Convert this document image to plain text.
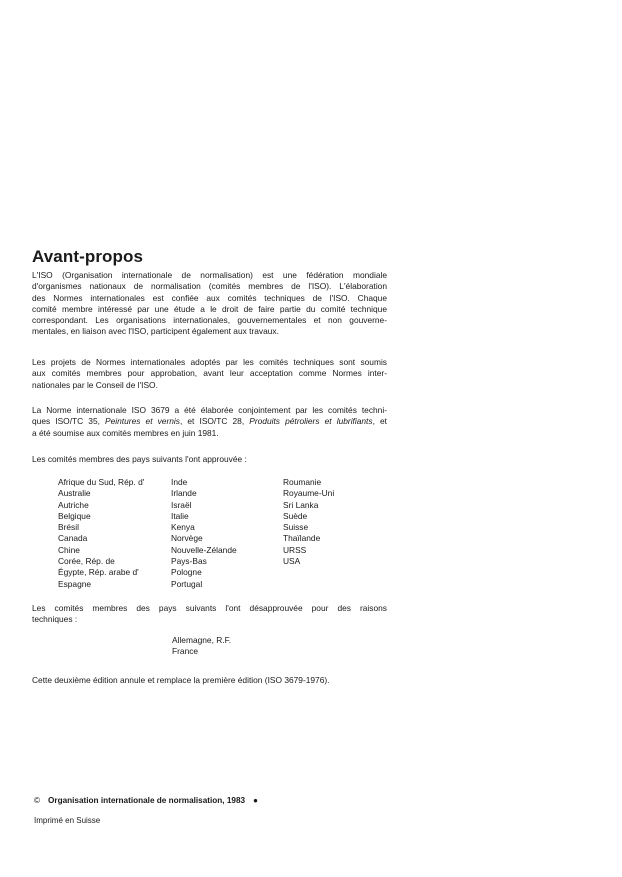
Avant-propos

L'ISO (Organisation internationale de normalisation) est une fédération mondiale
d'organismes nationaux de normalisation (comités membres de l'ISO). L'élaboration
des Normes internationales est confiée aux comités techniques de l'ISO. Chaque
comité membre intéressé par une étude a le droit de faire partie du comité technique
correspondant. Les organisations internationales, gouvernementales et non gouverne-
mentales, en liaison avec l'ISO, participent également aux travaux.

Les projets de Normes internationales adoptés par les comités techniques sont soumis
aux comités membres pour approbation, avant leur acceptation comme Normes inter-
nationales par le Conseil de l'ISO.

La Norme internationale ISO 3679 a été élaborée conjointement par les comités techni-
ques ISO/TC 35, Peintures et vernis, et ISO/TC 28, Produits pétroliers et lubrifiants, et
a été soumise aux comités membres en juin 1981.

Les comités membres des pays suivants l'ont approuvée :

Afrique du Sud, Rép. d'
Australie
Autriche
Belgique
Brésil
Canada
Chine
Corée, Rép. de
Égypte, Rép. arabe d'
Espagne
Inde
Irlande
Israël
Italie
Kenya
Norvège
Nouvelle-Zélande
Pays-Bas
Pologne
Portugal
Roumanie
Royaume-Uni
Sri Lanka
Suède
Suisse
Thaïlande
URSS
USA

Les comités membres des pays suivants l'ont désapprouvée pour des raisons
techniques :

Allemagne, R.F.
France

Cette deuxième édition annule et remplace la première édition (ISO 3679-1976).

© Organisation internationale de normalisation, 1983 ●
Imprimé en Suisse
